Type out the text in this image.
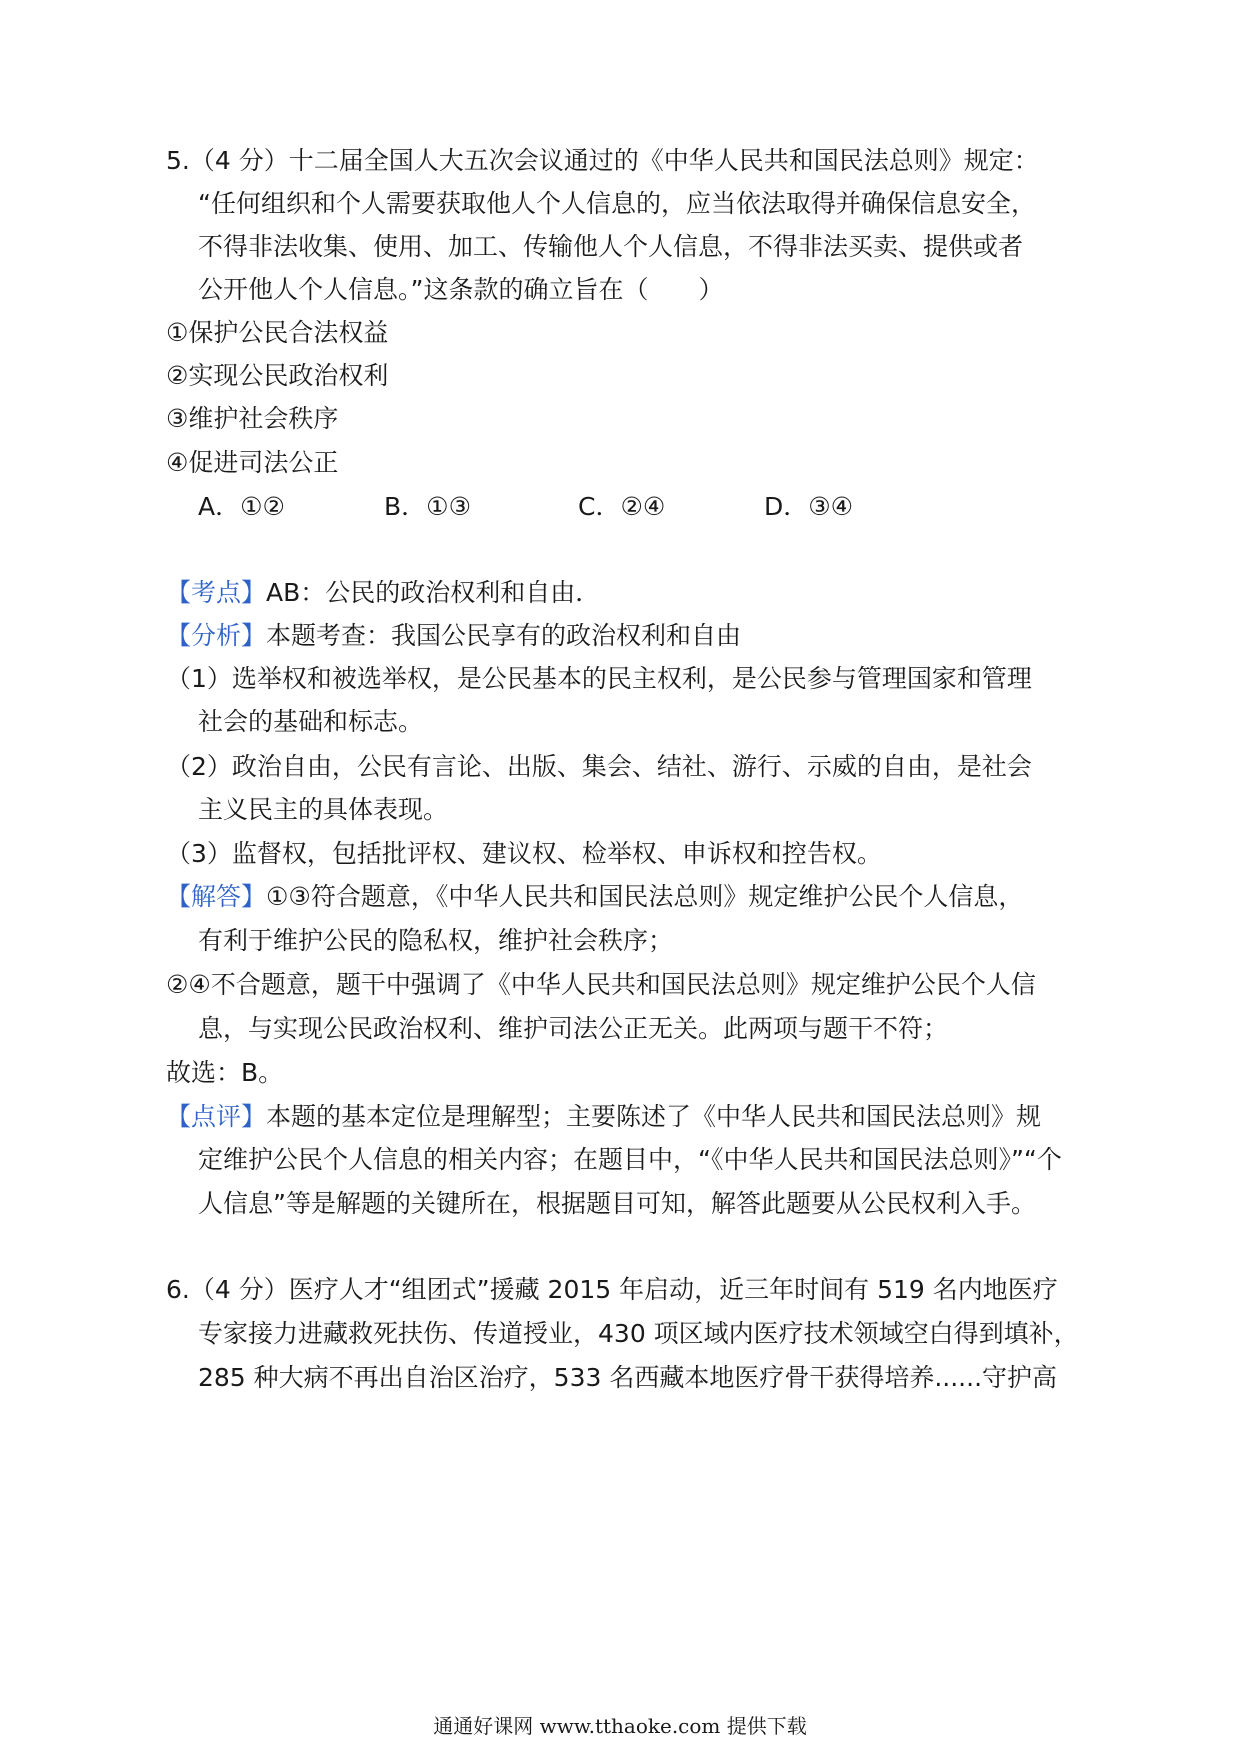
5.（4 分）十二届全国人大五次会议通过的《中华人民共和国民法总则》规定：
“任何组织和个人需要获取他人个人信息的，应当依法取得并确保信息安全，
不得非法收集、使用、加工、传输他人个人信息，不得非法买卖、提供或者
公开他人个人信息。”这条款的确立旨在（　　）
①保护公民合法权益
②实现公民政治权利
③维护社会秩序
④促进司法公正
A．①②	B．①③	C．②④	D．③④
【考点】AB：公民的政治权利和自由．
【分析】本题考查：我国公民享有的政治权利和自由
（1）选举权和被选举权，是公民基本的民主权利，是公民参与管理国家和管理
社会的基础和标志。
（2）政治自由，公民有言论、出版、集会、结社、游行、示威的自由，是社会
主义民主的具体表现。
（3）监督权，包括批评权、建议权、检举权、申诉权和控告权。
【解答】①③符合题意，《中华人民共和国民法总则》规定维护公民个人信息，
有利于维护公民的隐私权，维护社会秩序；
②④不合题意，题干中强调了《中华人民共和国民法总则》规定维护公民个人信
息，与实现公民政治权利、维护司法公正无关。此两项与题干不符；
故选：B。
【点评】本题的基本定位是理解型；主要陈述了《中华人民共和国民法总则》规
定维护公民个人信息的相关内容；在题目中，“《中华人民共和国民法总则》”“个
人信息”等是解题的关键所在，根据题目可知，解答此题要从公民权利入手。
6.（4 分）医疗人才“组团式”援藏 2015 年启动，近三年时间有 519 名内地医疗
专家接力进藏救死扶伤、传道授业，430 项区域内医疗技术领域空白得到填补，
285 种大病不再出自治区治疗，533 名西藏本地医疗骨干获得培养......守护高
通通好课网 www.tthaoke.com 提供下载
